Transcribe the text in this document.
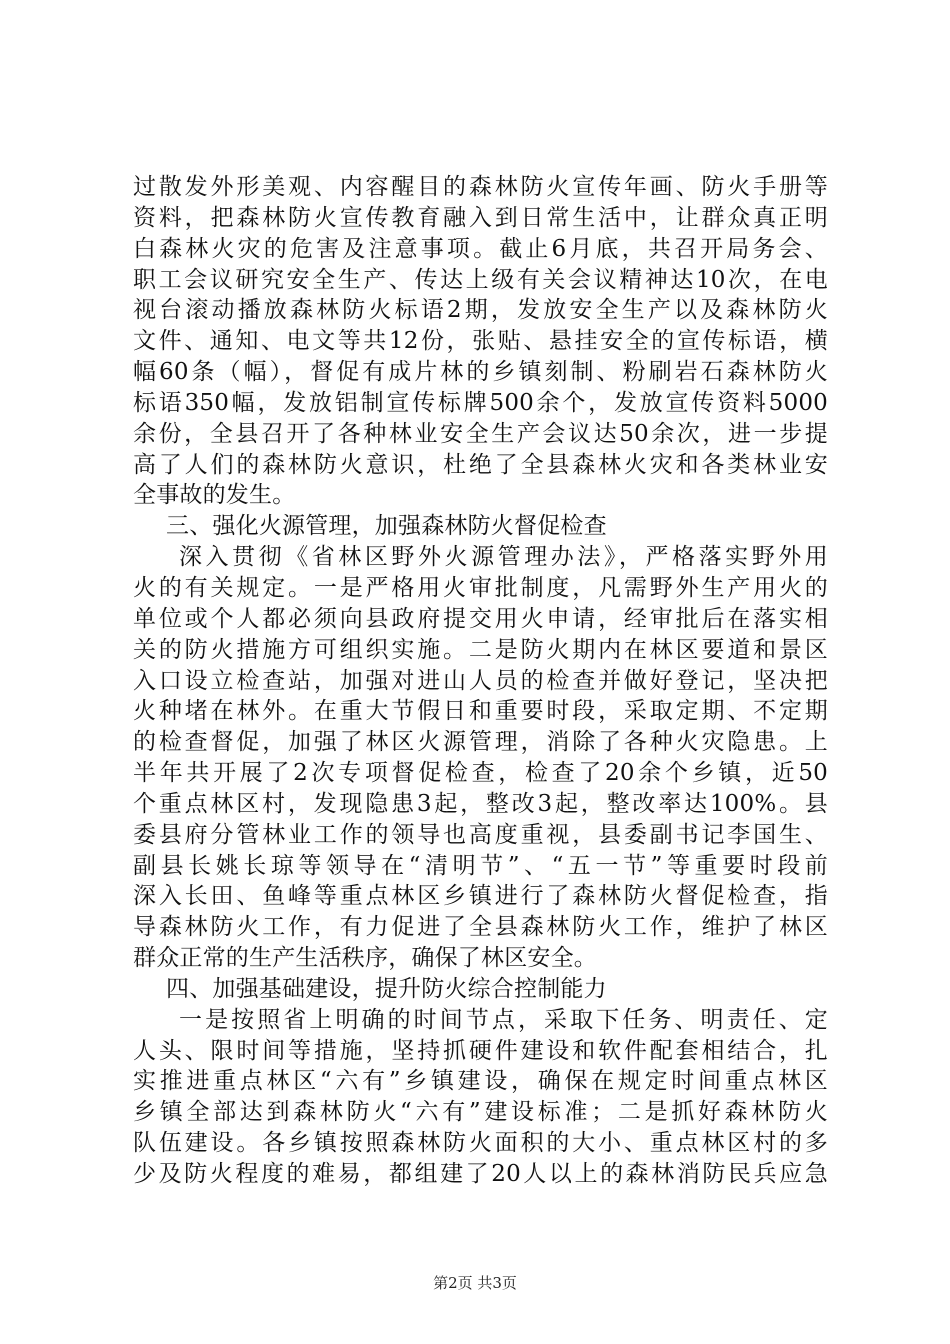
过散发外形美观、内容醒目的森林防火宣传年画、防火手册等
资料，把森林防火宣传教育融入到日常生活中，让群众真正明
白森林火灾的危害及注意事项。截止6月底，共召开局务会、
职工会议研究安全生产、传达上级有关会议精神达10次，在电
视台滚动播放森林防火标语2期，发放安全生产以及森林防火
文件、通知、电文等共12份，张贴、悬挂安全的宣传标语，横
幅60条（幅），督促有成片林的乡镇刻制、粉刷岩石森林防火
标语350幅，发放铝制宣传标牌500余个，发放宣传资料5000
余份，全县召开了各种林业安全生产会议达50余次，进一步提
高了人们的森林防火意识，杜绝了全县森林火灾和各类林业安
全事故的发生。
三、强化火源管理，加强森林防火督促检查
深入贯彻《省林区野外火源管理办法》，严格落实野外用
火的有关规定。一是严格用火审批制度，凡需野外生产用火的
单位或个人都必须向县政府提交用火申请，经审批后在落实相
关的防火措施方可组织实施。二是防火期内在林区要道和景区
入口设立检查站，加强对进山人员的检查并做好登记，坚决把
火种堵在林外。在重大节假日和重要时段，采取定期、不定期
的检查督促，加强了林区火源管理，消除了各种火灾隐患。上
半年共开展了2次专项督促检查，检查了20余个乡镇，近50
个重点林区村，发现隐患3起，整改3起，整改率达100%。县
委县府分管林业工作的领导也高度重视，县委副书记李国生、
副县长姚长琼等领导在“清明节”、“五一节”等重要时段前
深入长田、鱼峰等重点林区乡镇进行了森林防火督促检查，指
导森林防火工作，有力促进了全县森林防火工作，维护了林区
群众正常的生产生活秩序，确保了林区安全。
四、加强基础建设，提升防火综合控制能力
一是按照省上明确的时间节点，采取下任务、明责任、定
人头、限时间等措施，坚持抓硬件建设和软件配套相结合，扎
实推进重点林区“六有”乡镇建设，确保在规定时间重点林区
乡镇全部达到森林防火“六有”建设标准；二是抓好森林防火
队伍建设。各乡镇按照森林防火面积的大小、重点林区村的多
少及防火程度的难易，都组建了20人以上的森林消防民兵应急
第2页 共3页
